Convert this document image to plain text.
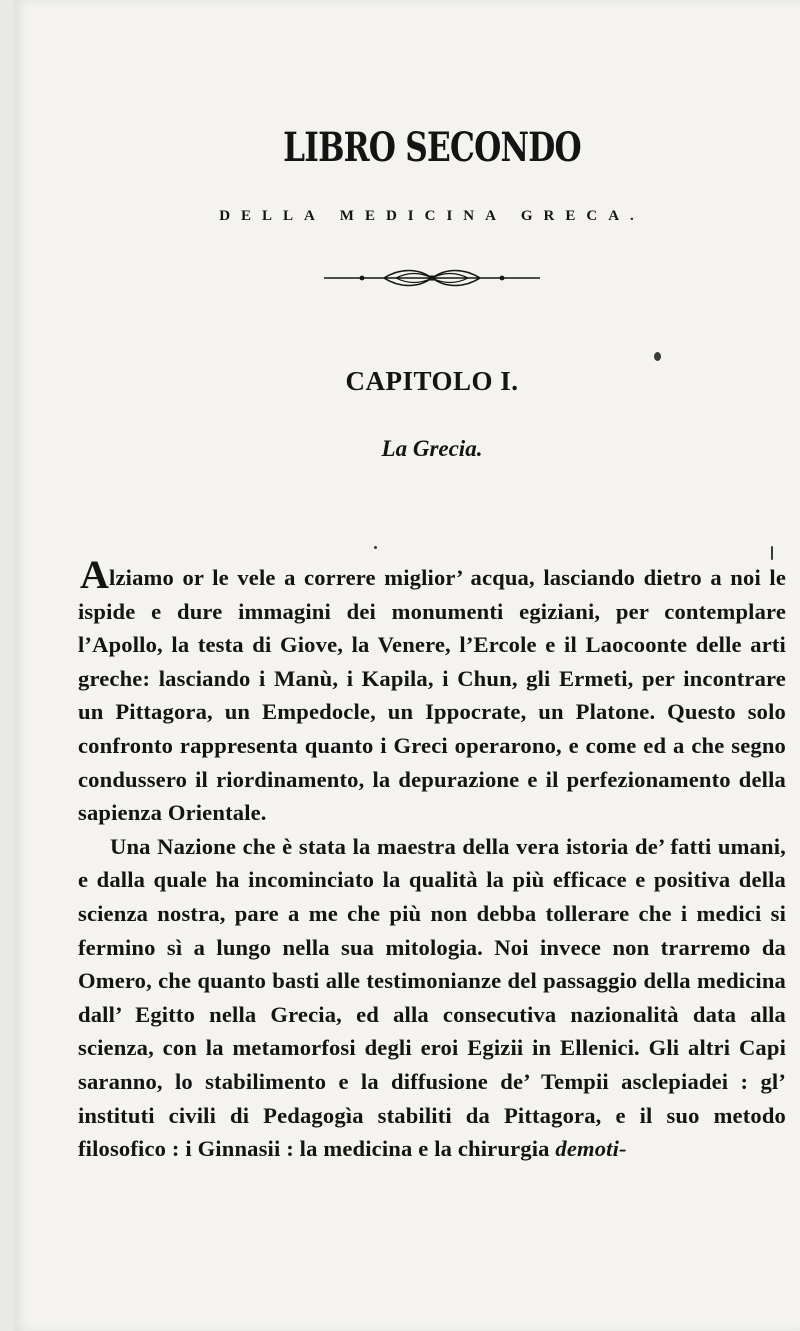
LIBRO SECONDO
DELLA MEDICINA GRECA.
CAPITOLO I.
La Grecia.

Alziamo or le vele a correre miglior’ acqua, lasciando dietro a noi le ispide e dure immagini dei monumenti egiziani, per contemplare l’Apollo, la testa di Giove, la Venere, l’Ercole e il Laocoonte delle arti greche: lasciando i Manù, i Kapila, i Chun, gli Ermeti, per incontrare un Pittagora, un Empedocle, un Ippocrate, un Platone. Questo solo confronto rappresenta quanto i Greci operarono, e come ed a che segno condussero il riordinamento, la depurazione e il perfezionamento della sapienza Orientale.

Una Nazione che è stata la maestra della vera istoria de’ fatti umani, e dalla quale ha incominciato la qualità la più efficace e positiva della scienza nostra, pare a me che più non debba tollerare che i medici si fermino sì a lungo nella sua mitologia. Noi invece non trarremo da Omero, che quanto basti alle testimonianze del passaggio della medicina dall’ Egitto nella Grecia, ed alla consecutiva nazionalità data alla scienza, con la metamorfosi degli eroi Egizii in Ellenici. Gli altri Capi saranno, lo stabilimento e la diffusione de’ Tempii asclepiadei : gl’ instituti civili di Pedagogìa stabiliti da Pittagora, e il suo metodo filosofico : i Ginnasii : la medicina e la chirurgia demoti-
